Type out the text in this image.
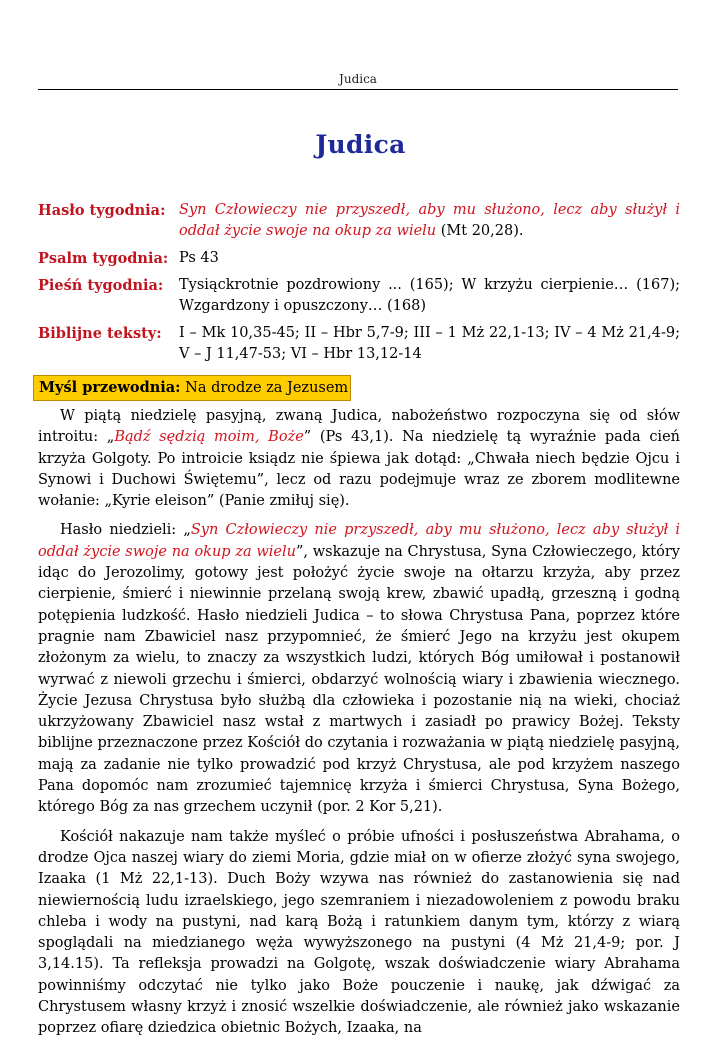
Judica
Judica
Hasło tygodnia: Syn Człowieczy nie przyszedł, aby mu służono, lecz aby służył i oddał życie swoje na okup za wielu (Mt 20,28).
Psalm tygodnia: Ps 43
Pieśń tygodnia:	Tysiąckrotnie pozdrowiony ... (165); W krzyżu cierpienie… (167); Wzgardzony i opuszczony… (168)
Biblijne teksty:	I – Mk 10,35-45; II – Hbr 5,7-9; III – 1 Mż 22,1-13; IV – 4 Mż 21,4-9; V – J 11,47-53; VI – Hbr 13,12-14
Myśl przewodnia: Na drodze za Jezusem

W piątą niedzielę pasyjną, zwaną Judica, nabożeństwo rozpoczyna się od słów introitu: „Bądź sędzią moim, Boże” (Ps 43,1). Na niedzielę tą wyraźnie pada cień krzyża Golgoty. Po introicie ksiądz nie śpiewa jak dotąd: „Chwała niech będzie Ojcu i Synowi i Duchowi Świętemu”, lecz od razu podejmuje wraz ze zborem modlitewne wołanie: „Kyrie eleison” (Panie zmiłuj się).

Hasło niedzieli: „Syn Człowieczy nie przyszedł, aby mu służono, lecz aby służył i oddał życie swoje na okup za wielu”, wskazuje na Chrystusa, Syna Człowieczego, który idąc do Jerozolimy, gotowy jest położyć życie swoje na ołtarzu krzyża, aby przez cierpienie, śmierć i niewinnie przelaną swoją krew, zbawić upadłą, grzeszną i godną potępienia ludzkość. Hasło niedzieli Judica – to słowa Chrystusa Pana, poprzez które pragnie nam Zbawiciel nasz przypomnieć, że śmierć Jego na krzyżu jest okupem złożonym za wielu, to znaczy za wszystkich ludzi, których Bóg umiłował i postanowił wyrwać z niewoli grzechu i śmierci, obdarzyć wolnością wiary i zbawienia wiecznego. Życie Jezusa Chrystusa było służbą dla człowieka i pozostanie nią na wieki, chociaż ukrzyżowany Zbawiciel nasz wstał z martwych i zasiadł po prawicy Bożej. Teksty biblijne przeznaczone przez Kościół do czytania i rozważania w piątą niedzielę pasyjną, mają za zadanie nie tylko prowadzić pod krzyż Chrystusa, ale pod krzyżem naszego Pana dopomóc nam zrozumieć tajemnicę krzyża i śmierci Chrystusa, Syna Bożego, którego Bóg za nas grzechem uczynił (por. 2 Kor 5,21).

Kościół nakazuje nam także myśleć o próbie ufności i posłuszeństwa Abrahama, o drodze Ojca naszej wiary do ziemi Moria, gdzie miał on w ofierze złożyć syna swojego, Izaaka (1 Mż 22,1-13). Duch Boży wzywa nas również do zastanowienia się nad niewiernością ludu izraelskiego, jego szemraniem i niezadowoleniem z powodu braku chleba i wody na pustyni, nad karą Bożą i ratunkiem danym tym, którzy z wiarą spoglądali na miedzianego węża wywyższonego na pustyni (4 Mż 21,4-9; por. J 3,14.15). Ta refleksja prowadzi na Golgotę, wszak doświadczenie wiary Abrahama powinniśmy odczytać nie tylko jako Boże pouczenie i naukę, jak dźwigać za Chrystusem własny krzyż i znosić wszelkie doświadczenie, ale również jako wskazanie poprzez ofiarę dziedzica obietnic Bożych, Izaaka, na
